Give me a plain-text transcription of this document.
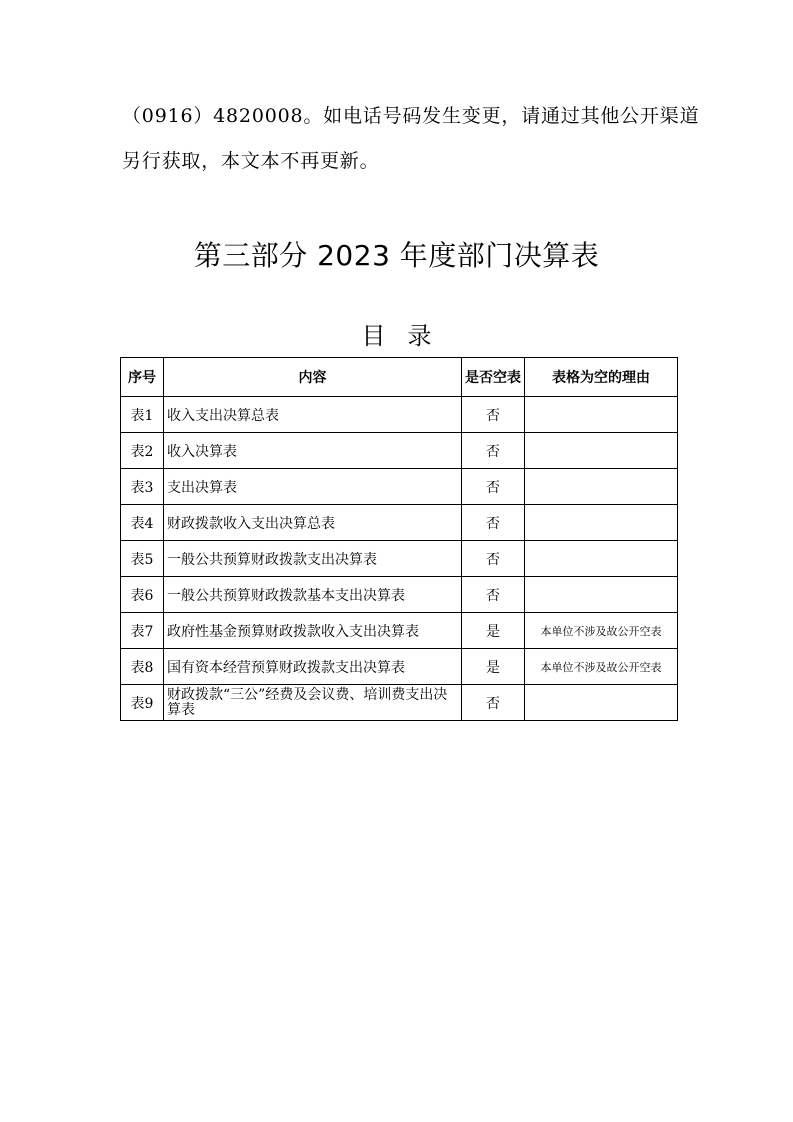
（0916）4820008。如电话号码发生变更，请通过其他公开渠道
另行获取，本文本不再更新。
第三部分 2023 年度部门决算表
目录
序号	内容	是否空表	表格为空的理由
表1	收入支出决算总表	否	
表2	收入决算表	否	
表3	支出决算表	否	
表4	财政拨款收入支出决算总表	否	
表5	一般公共预算财政拨款支出决算表	否	
表6	一般公共预算财政拨款基本支出决算表	否	
表7	政府性基金预算财政拨款收入支出决算表	是	本单位不涉及故公开空表
表8	国有资本经营预算财政拨款支出决算表	是	本单位不涉及故公开空表
表9	财政拨款“三公”经费及会议费、培训费支出决算表	否	
